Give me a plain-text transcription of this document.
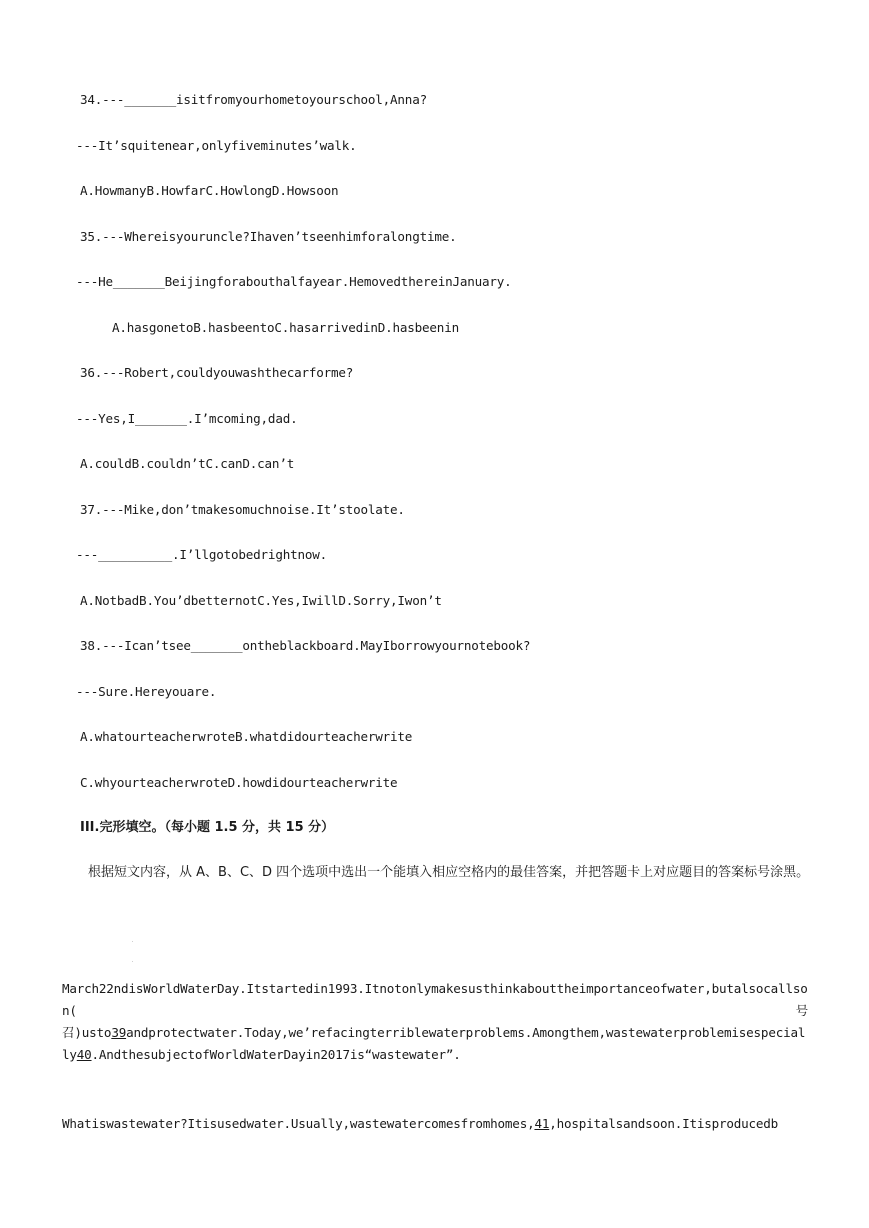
34.---_______isitfromyourhometoyourschool,Anna?
---It’squitenear,onlyfiveminutes’walk.
A.HowmanyB.HowfarC.HowlongD.Howsoon
35.---Whereisyouruncle?Ihaven’tseenhimforalongtime.
---He_______Beijingforabouthalfayear.HemovedthereinJanuary.
A.hasgonetoB.hasbeentoC.hasarrivedinD.hasbeenin
36.---Robert,couldyouwashthecarforme?
---Yes,I_______.I’mcoming,dad.
A.couldB.couldn’tC.canD.can’t
37.---Mike,don’tmakesomuchnoise.It’stoolate.
---__________.I’llgotobedrightnow.
A.NotbadB.You’dbetternotC.Yes,IwillD.Sorry,Iwon’t
38.---Ican’tsee_______ontheblackboard.MayIborrowyournotebook?
---Sure.Hereyouare.
A.whatourteacherwroteB.whatdidourteacherwrite
C.whyourteacherwroteD.howdidourteacherwrite
III.完形填空。（每小题 1.5 分，共 15 分）
根据短文内容，从 A、B、C、D 四个选项中选出一个能填入相应空格内的最佳答案，并把答题卡上对应题目的答案标号涂黑。
March22ndisWorldWaterDay.Itstartedin1993.Itnotonlymakesusthinkabouttheimportanceofwater,butalsocallson(	号

召)usto39andprotectwater.Today,we’refacingterriblewaterproblems.Amongthem,wastewaterproblemisespecially40.AndthesubjectofWorldWaterDayin2017is“wastewater”.
Whatiswastewater?Itisusedwater.Usually,wastewatercomesfromhomes,41,hospitalsandsoon.Itisproducedb
